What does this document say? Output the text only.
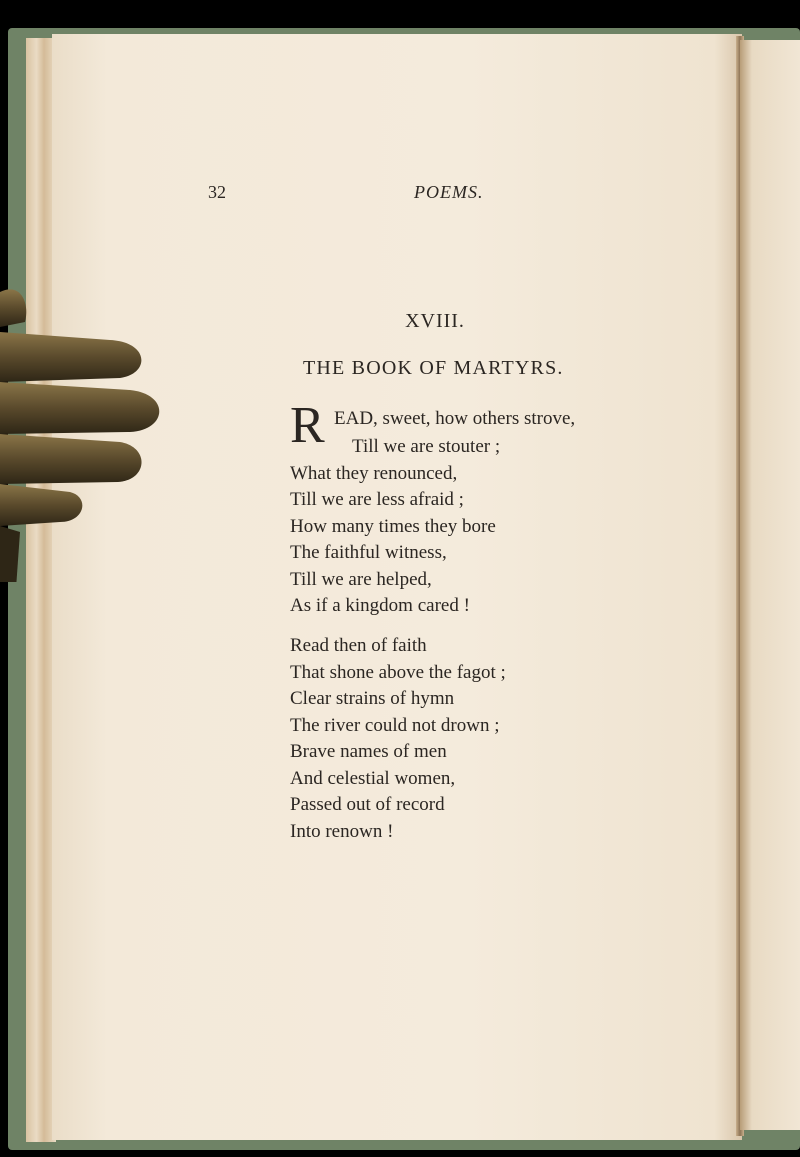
32	POEMS.
XVIII.
THE BOOK OF MARTYRS.
R EAD, sweet, how others strove,
Till we are stouter ;
What they renounced,
Till we are less afraid ;
How many times they bore
The faithful witness,
Till we are helped,
As if a kingdom cared !
Read then of faith
That shone above the fagot ;
Clear strains of hymn
The river could not drown ;
Brave names of men
And celestial women,
Passed out of record
Into renown !
